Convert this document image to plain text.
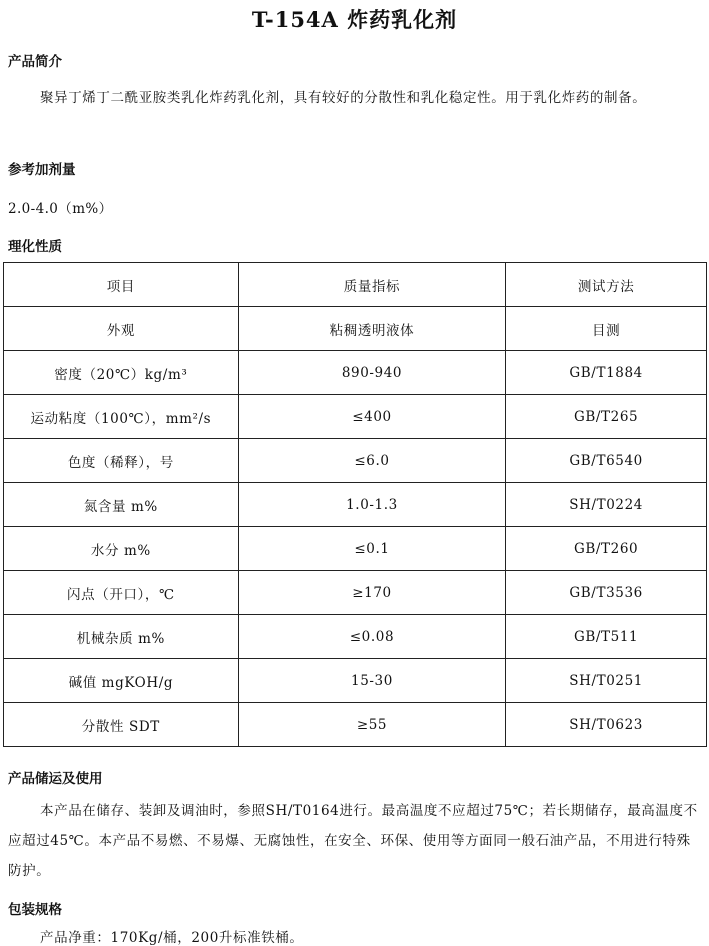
T-154A 炸药乳化剂
产品简介
聚异丁烯丁二酰亚胺类乳化炸药乳化剂，具有较好的分散性和乳化稳定性。用于乳化炸药的制备。
参考加剂量
2.0-4.0（m%）
理化性质
项目	质量指标	测试方法
外观	粘稠透明液体	目测
密度（20℃）kg/m³	890-940	GB/T1884
运动粘度（100℃），mm²/s	≤400	GB/T265
色度（稀释），号	≤6.0	GB/T6540
氮含量 m%	1.0-1.3	SH/T0224
水分 m%	≤0.1	GB/T260
闪点（开口），℃	≥170	GB/T3536
机械杂质 m%	≤0.08	GB/T511
碱值 mgKOH/g	15-30	SH/T0251
分散性 SDT	≥55	SH/T0623
产品储运及使用
本产品在储存、装卸及调油时，参照SH/T0164进行。最高温度不应超过75℃；若长期储存，最高温度不应超过45℃。本产品不易燃、不易爆、无腐蚀性，在安全、环保、使用等方面同一般石油产品，不用进行特殊防护。
包装规格
产品净重：170Kg/桶，200升标准铁桶。
